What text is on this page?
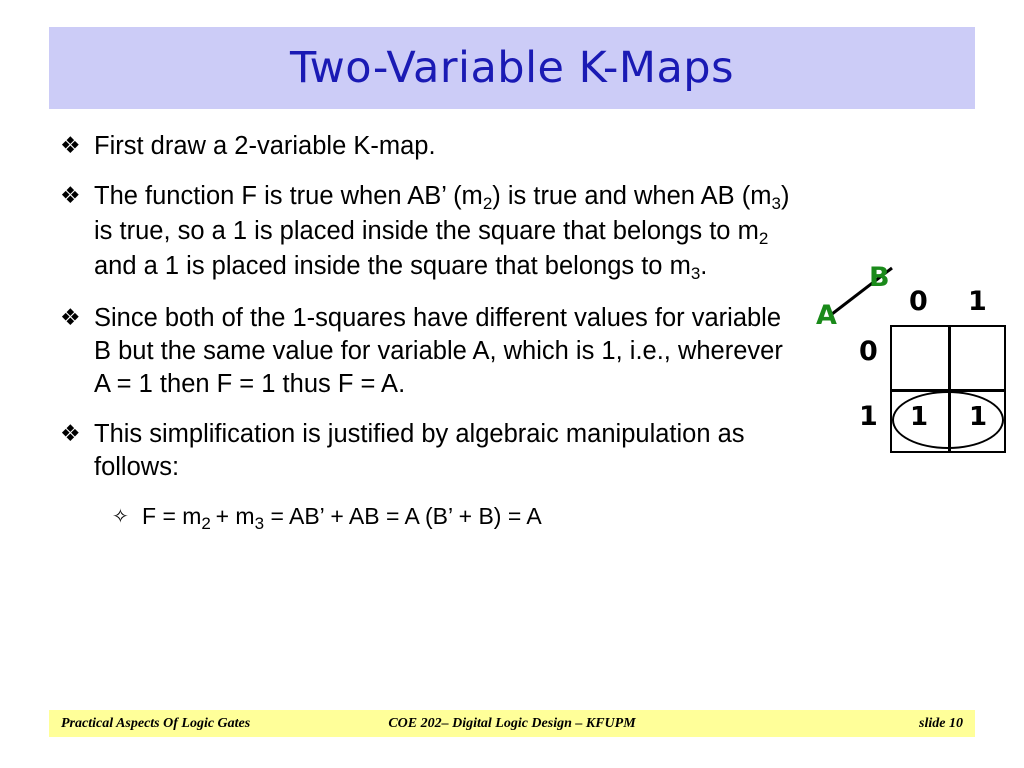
Two-Variable K-Maps
❖ First draw a 2-variable K-map.
❖ The function F is true when AB’ $(m_2)$ is true and when AB $(m_3)$ is true, so a 1 is placed inside the square that belongs to $m_2$ and a 1 is placed inside the square that belongs to $m_3$.
❖ Since both of the 1-squares have different values for variable B but the same value for variable A, which is 1, i.e., wherever A = 1 then F = 1 thus F = A.
❖ This simplification is justified by algebraic manipulation as follows:
✧ $F = m_2 + m_3$ = AB’ + AB = A (B’ + B) = A
A
B
0 1
0
1 1 1
Practical Aspects Of Logic Gates	COE 202– Digital Logic Design – KFUPM	slide 10
